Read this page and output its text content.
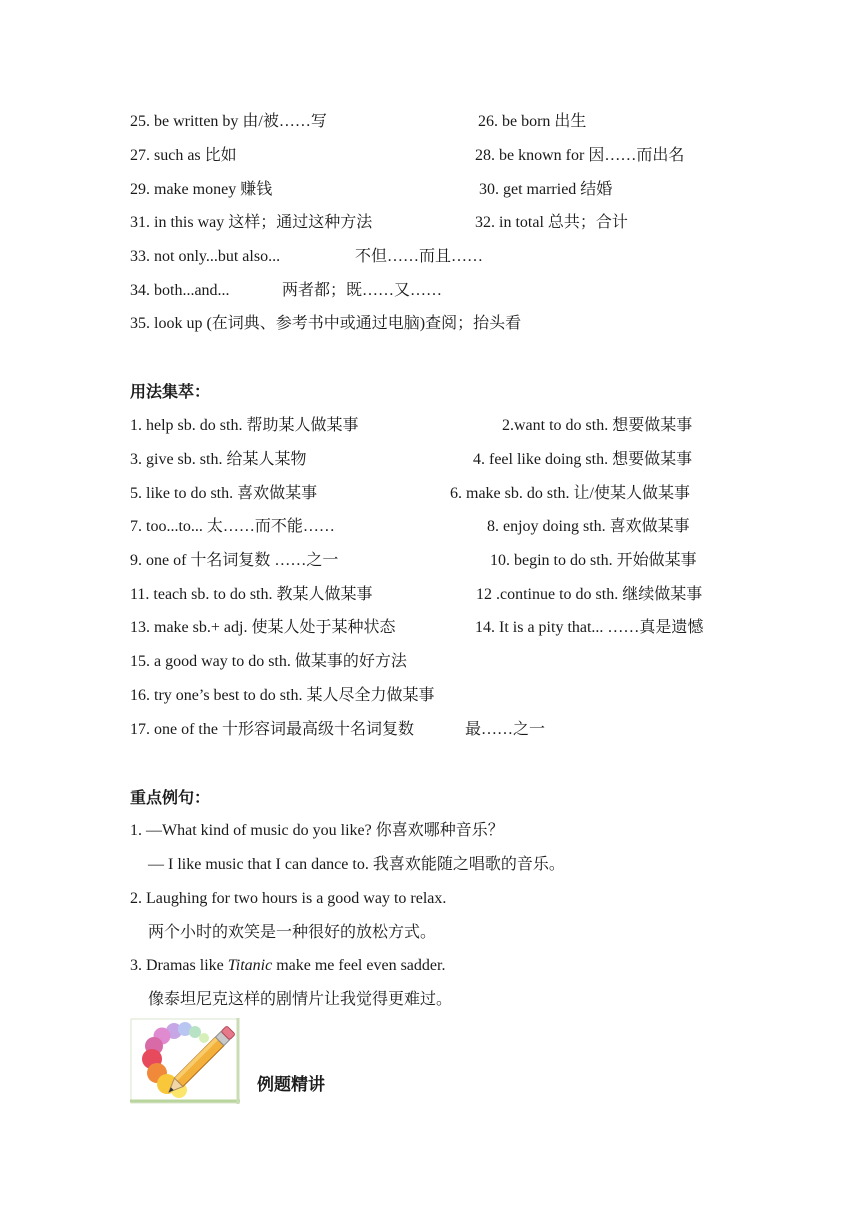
25. be written by 由/被……写	26. be born 出生
27. such as 比如	28. be known for 因……而出名
29. make money 赚钱	30. get married 结婚
31. in this way 这样；通过这种方法	32. in total 总共；合计
33. not only...but also...	不但……而且……
34. both...and...	两者都；既……又……
35. look up (在词典、参考书中或通过电脑)查阅；抬头看
用法集萃：
1. help sb. do sth. 帮助某人做某事	2.want to do sth. 想要做某事
3. give sb. sth. 给某人某物	4. feel like doing sth. 想要做某事
5. like to do sth. 喜欢做某事	6. make sb. do sth. 让/使某人做某事
7. too...to... 太……而不能……	8. enjoy doing sth. 喜欢做某事
9. one of 十名词复数 ……之一	10. begin to do sth. 开始做某事
11. teach sb. to do sth. 教某人做某事	12 .continue to do sth. 继续做某事
13. make sb.+ adj. 使某人处于某种状态	14. It is a pity that... ……真是遗憾
15. a good way to do sth. 做某事的好方法
16. try one’s best to do sth. 某人尽全力做某事
17. one of the 十形容词最高级十名词复数	最……之一
重点例句：
1. —What kind of music do you like? 你喜欢哪种音乐？
— I like music that I can dance to. 我喜欢能随之唱歌的音乐。
2. Laughing for two hours is a good way to relax.
两个小时的欢笑是一种很好的放松方式。
3. Dramas like Titanic make me feel even sadder.
像泰坦尼克这样的剧情片让我觉得更难过。
例题精讲
